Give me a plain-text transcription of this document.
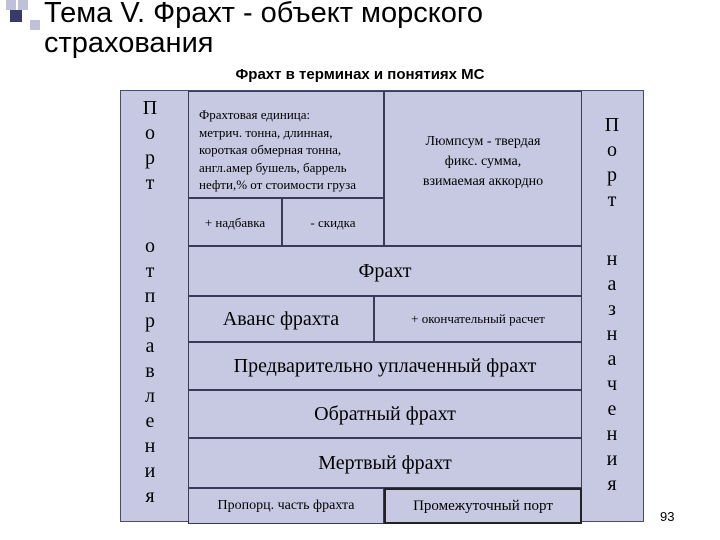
Тема V. Фрахт - объект морского
страхования
Фрахт в терминах и понятиях МС
П
о
р
т
о
т
п
р
а
в
л
е
н
и
я
П
о
р
т
н
а
з
н
а
ч
е
н
и
я
Фрахтовая единица:
метрич. тонна, длинная,
короткая обмерная тонна,
англ.амер бушель, баррель
нефти,% от стоимости груза
Люмпсум - твердая
фикс. сумма,
взимаемая аккордно
+ надбавка	- скидка
Фрахт
Аванс фрахта	+ окончательный расчет
Предварительно уплаченный фрахт
Обратный фрахт
Мертвый фрахт
Пропорц. часть фрахта	Промежуточный порт
93
